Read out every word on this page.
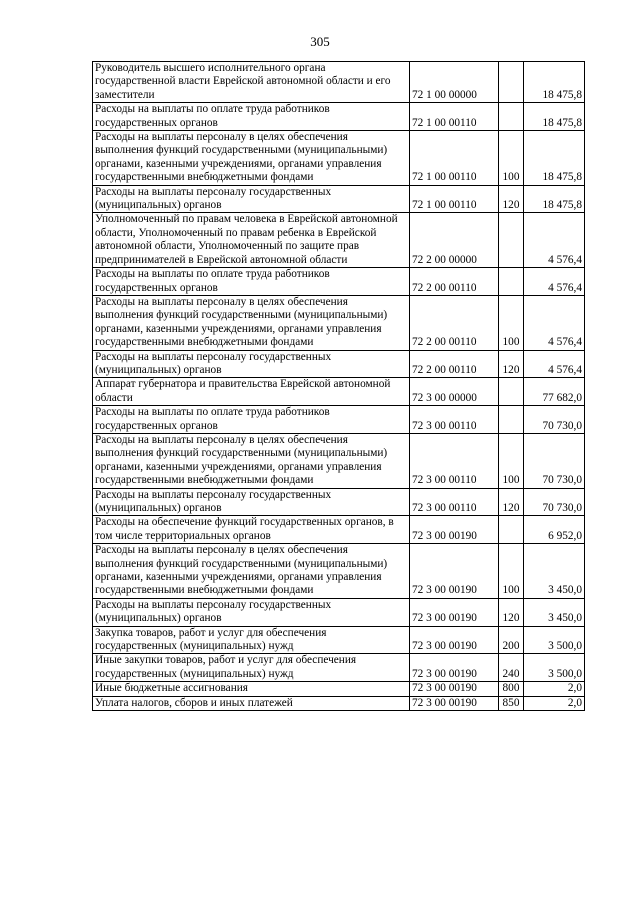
305
Руководитель высшего исполнительного органа государственной власти Еврейской автономной области и его заместители	72 1 00 00000		18 475,8
Расходы на выплаты по оплате труда работников государственных органов	72 1 00 00110		18 475,8
Расходы на выплаты персоналу в целях обеспечения выполнения функций государственными (муниципальными) органами, казенными учреждениями, органами управления государственными внебюджетными фондами	72 1 00 00110	100	18 475,8
Расходы на выплаты персоналу государственных (муниципальных) органов	72 1 00 00110	120	18 475,8
Уполномоченный по правам человека в Еврейской автономной области, Уполномоченный по правам ребенка в Еврейской автономной области, Уполномоченный по защите прав предпринимателей в Еврейской автономной области	72 2 00 00000		4 576,4
Расходы на выплаты по оплате труда работников государственных органов	72 2 00 00110		4 576,4
Расходы на выплаты персоналу в целях обеспечения выполнения функций государственными (муниципальными) органами, казенными учреждениями, органами управления государственными внебюджетными фондами	72 2 00 00110	100	4 576,4
Расходы на выплаты персоналу государственных (муниципальных) органов	72 2 00 00110	120	4 576,4
Аппарат губернатора и правительства Еврейской автономной области	72 3 00 00000		77 682,0
Расходы на выплаты по оплате труда работников государственных органов	72 3 00 00110		70 730,0
Расходы на выплаты персоналу в целях обеспечения выполнения функций государственными (муниципальными) органами, казенными учреждениями, органами управления государственными внебюджетными фондами	72 3 00 00110	100	70 730,0
Расходы на выплаты персоналу государственных (муниципальных) органов	72 3 00 00110	120	70 730,0
Расходы на обеспечение функций государственных органов, в том числе территориальных органов	72 3 00 00190		6 952,0
Расходы на выплаты персоналу в целях обеспечения выполнения функций государственными (муниципальными) органами, казенными учреждениями, органами управления государственными внебюджетными фондами	72 3 00 00190	100	3 450,0
Расходы на выплаты персоналу государственных (муниципальных) органов	72 3 00 00190	120	3 450,0
Закупка товаров, работ и услуг для обеспечения государственных (муниципальных) нужд	72 3 00 00190	200	3 500,0
Иные закупки товаров, работ и услуг для обеспечения государственных (муниципальных) нужд	72 3 00 00190	240	3 500,0
Иные бюджетные ассигнования	72 3 00 00190	800	2,0
Уплата налогов, сборов и иных платежей	72 3 00 00190	850	2,0
